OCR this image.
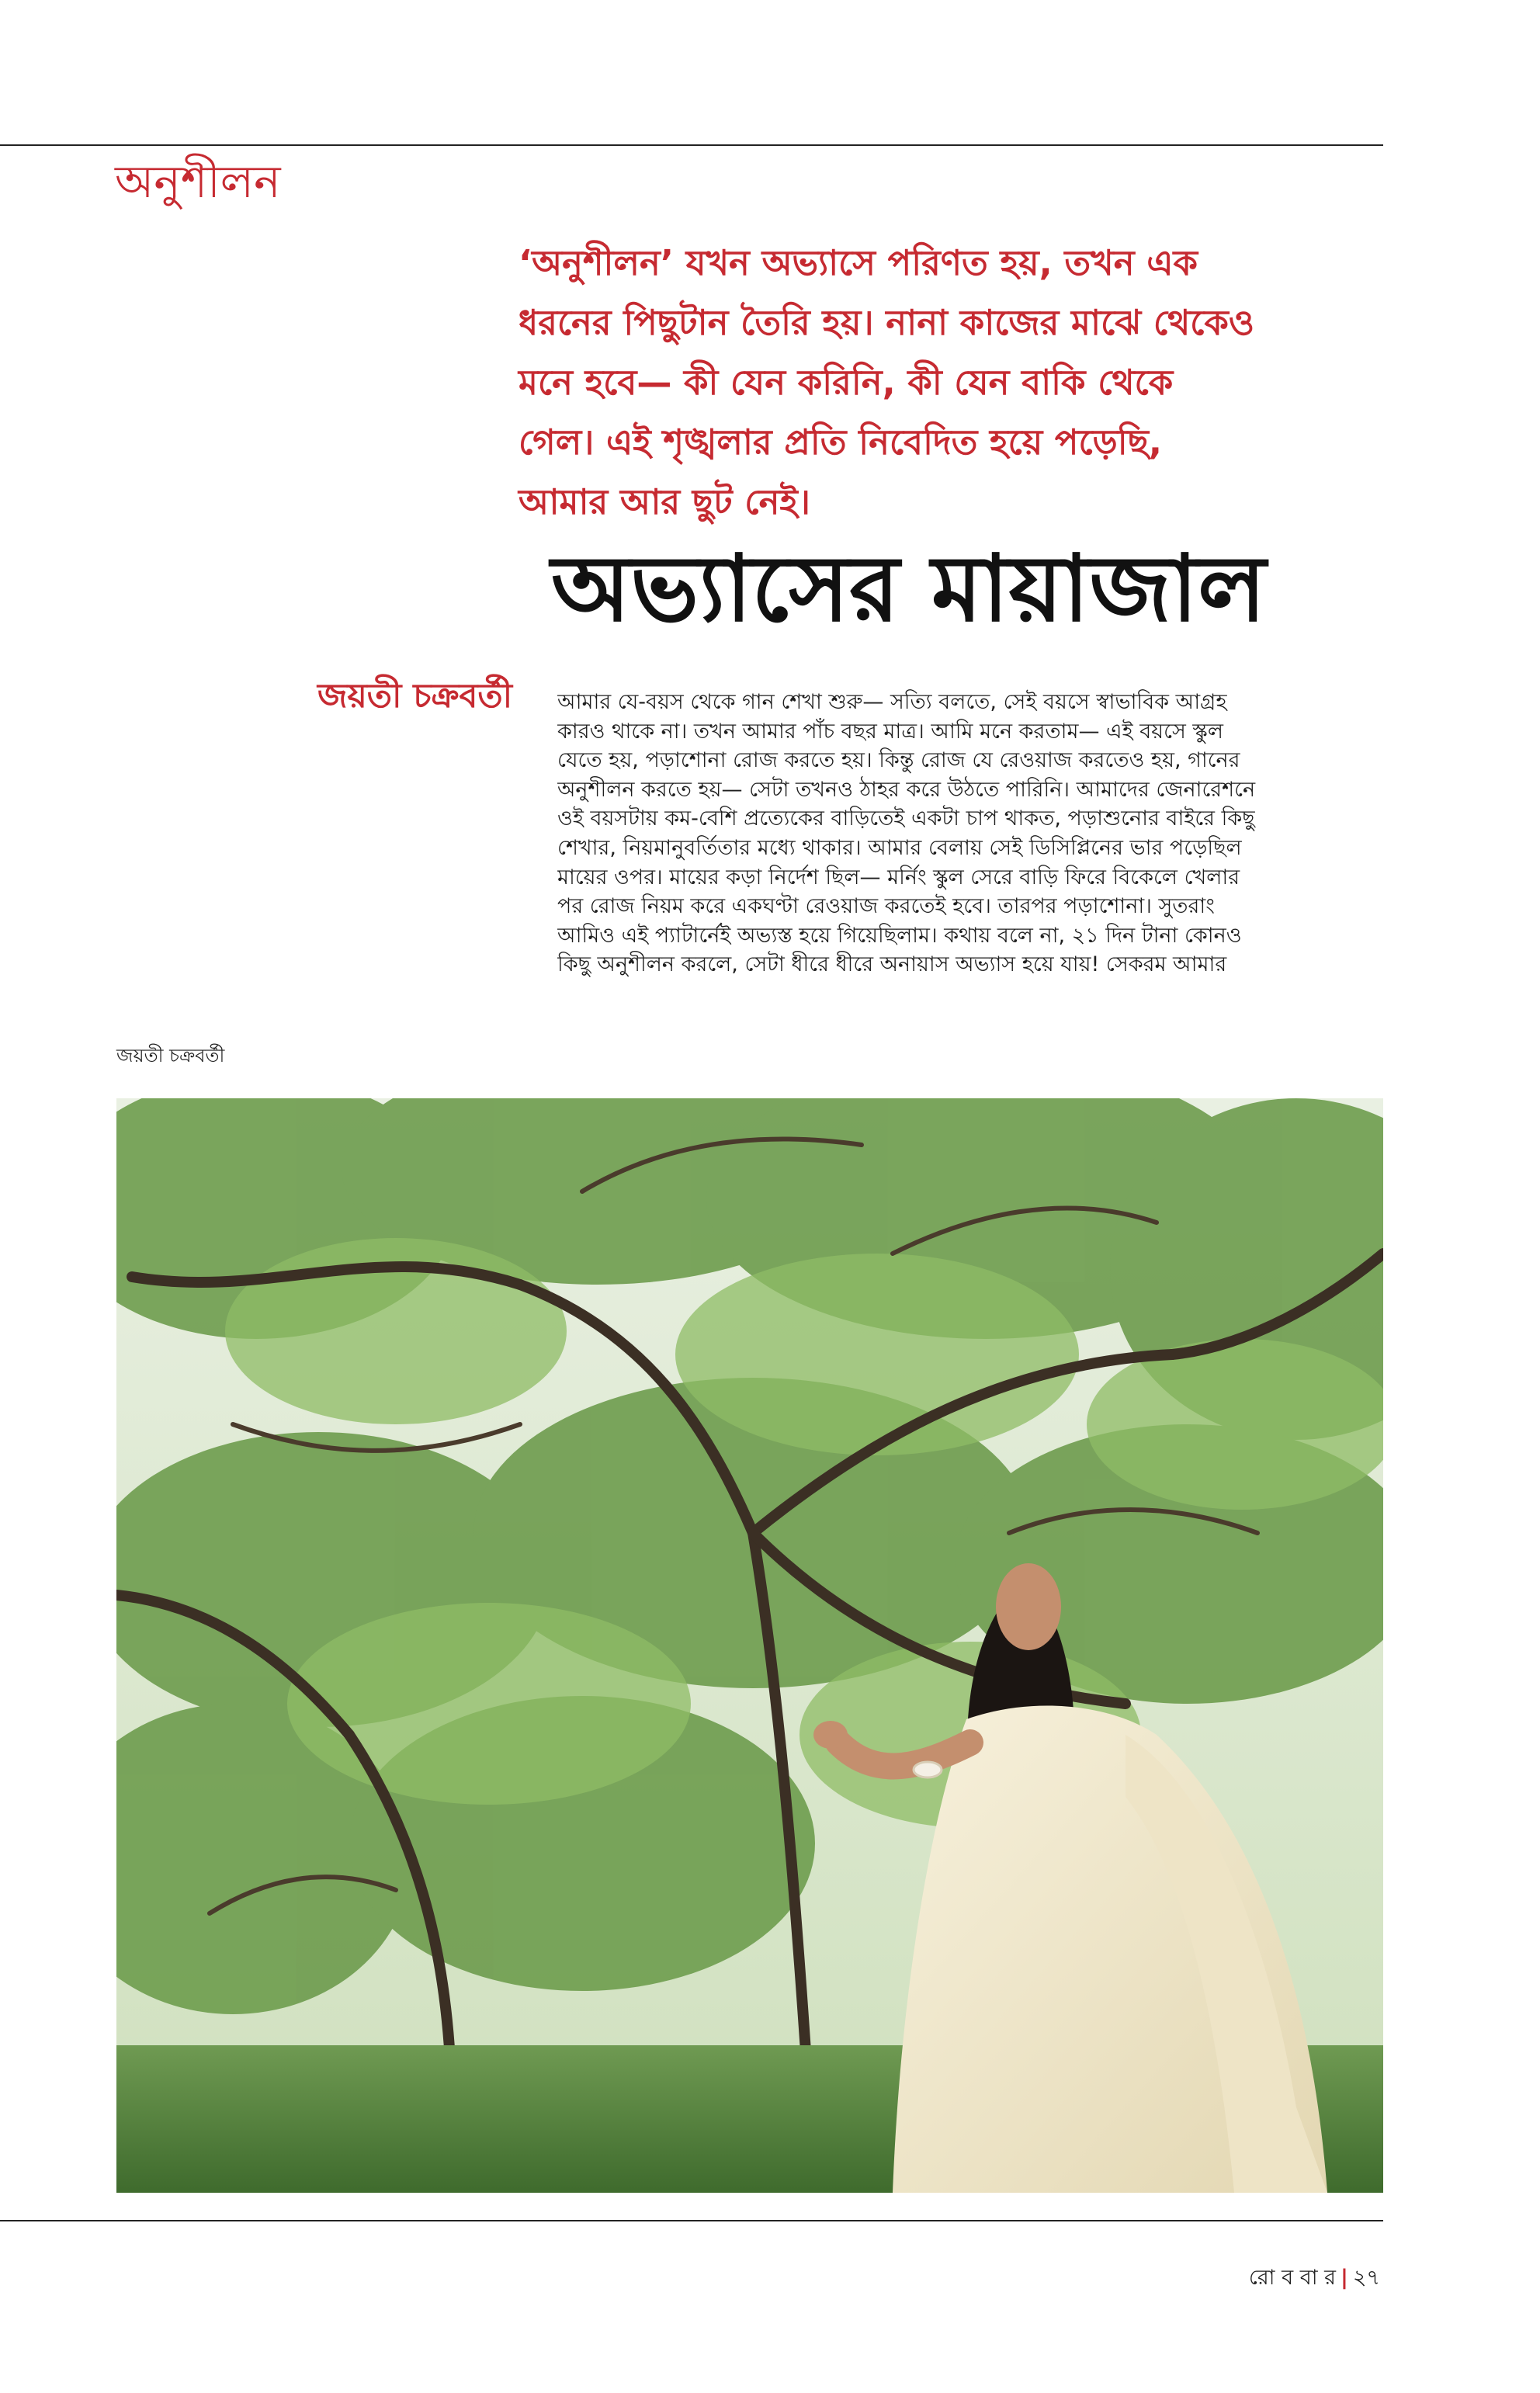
অনুশীলন
‘অনুশীলন’ যখন অভ্যাসে পরিণত হয়, তখন এক
ধরনের পিছুটান তৈরি হয়। নানা কাজের মাঝে থেকেও
মনে হবে— কী যেন করিনি, কী যেন বাকি থেকে
গেল। এই শৃঙ্খলার প্রতি নিবেদিত হয়ে পড়েছি,
আমার আর ছুট নেই।
অভ্যাসের মায়াজাল
জয়তী চক্রবর্তী আমার যে-বয়স থেকে গান শেখা শুরু— সত্যি বলতে, সেই বয়সে স্বাভাবিক আগ্রহ
কারও থাকে না। তখন আমার পাঁচ বছর মাত্র। আমি মনে করতাম— এই বয়সে স্কুল
যেতে হয়, পড়াশোনা রোজ করতে হয়। কিন্তু রোজ যে রেওয়াজ করতেও হয়, গানের
অনুশীলন করতে হয়— সেটা তখনও ঠাহর করে উঠতে পারিনি। আমাদের জেনারেশনে
ওই বয়সটায় কম-বেশি প্রত্যেকের বাড়িতেই একটা চাপ থাকত, পড়াশুনোর বাইরে কিছু
শেখার, নিয়মানুবর্তিতার মধ্যে থাকার। আমার বেলায় সেই ডিসিপ্লিনের ভার পড়েছিল
মায়ের ওপর। মায়ের কড়া নির্দেশ ছিল— মর্নিং স্কুল সেরে বাড়ি ফিরে বিকেলে খেলার
পর রোজ নিয়ম করে একঘণ্টা রেওয়াজ করতেই হবে। তারপর পড়াশোনা। সুতরাং
আমিও এই প্যাটার্নেই অভ্যস্ত হয়ে গিয়েছিলাম। কথায় বলে না, ২১ দিন টানা কোনও
কিছু অনুশীলন করলে, সেটা ধীরে ধীরে অনায়াস অভ্যাস হয়ে যায়! সেকরম আমার
জয়তী চক্রবর্তী
রো ব বা র | ২৭
